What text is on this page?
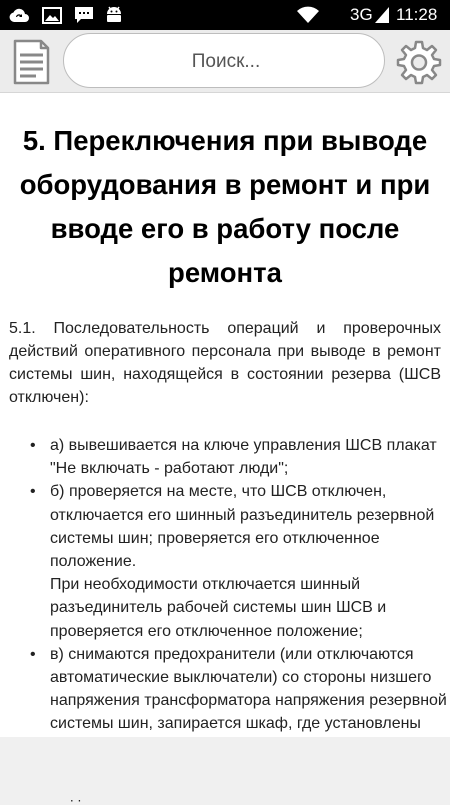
3G 11:28
Поиск...
5. Переключения при выводе оборудования в ремонт и при вводе его в работу после ремонта

5.1. Последовательность операций и проверочных действий оперативного персонала при выводе в ремонт системы шин, находящейся в состоянии резерва (ШСВ отключен):

• а) вывешивается на ключе управления ШСВ плакат "Не включать - работают люди";
• б) проверяется на месте, что ШСВ отключен, отключается его шинный разъединитель резервной системы шин; проверяется его отключенное положение.
При необходимости отключается шинный разъединитель рабочей системы шин ШСВ и проверяется его отключенное положение;
• в) снимаются предохранители (или отключаются автоматические выключатели) со стороны низшего напряжения трансформатора напряжения резервной системы шин, запирается шкаф, где установлены
